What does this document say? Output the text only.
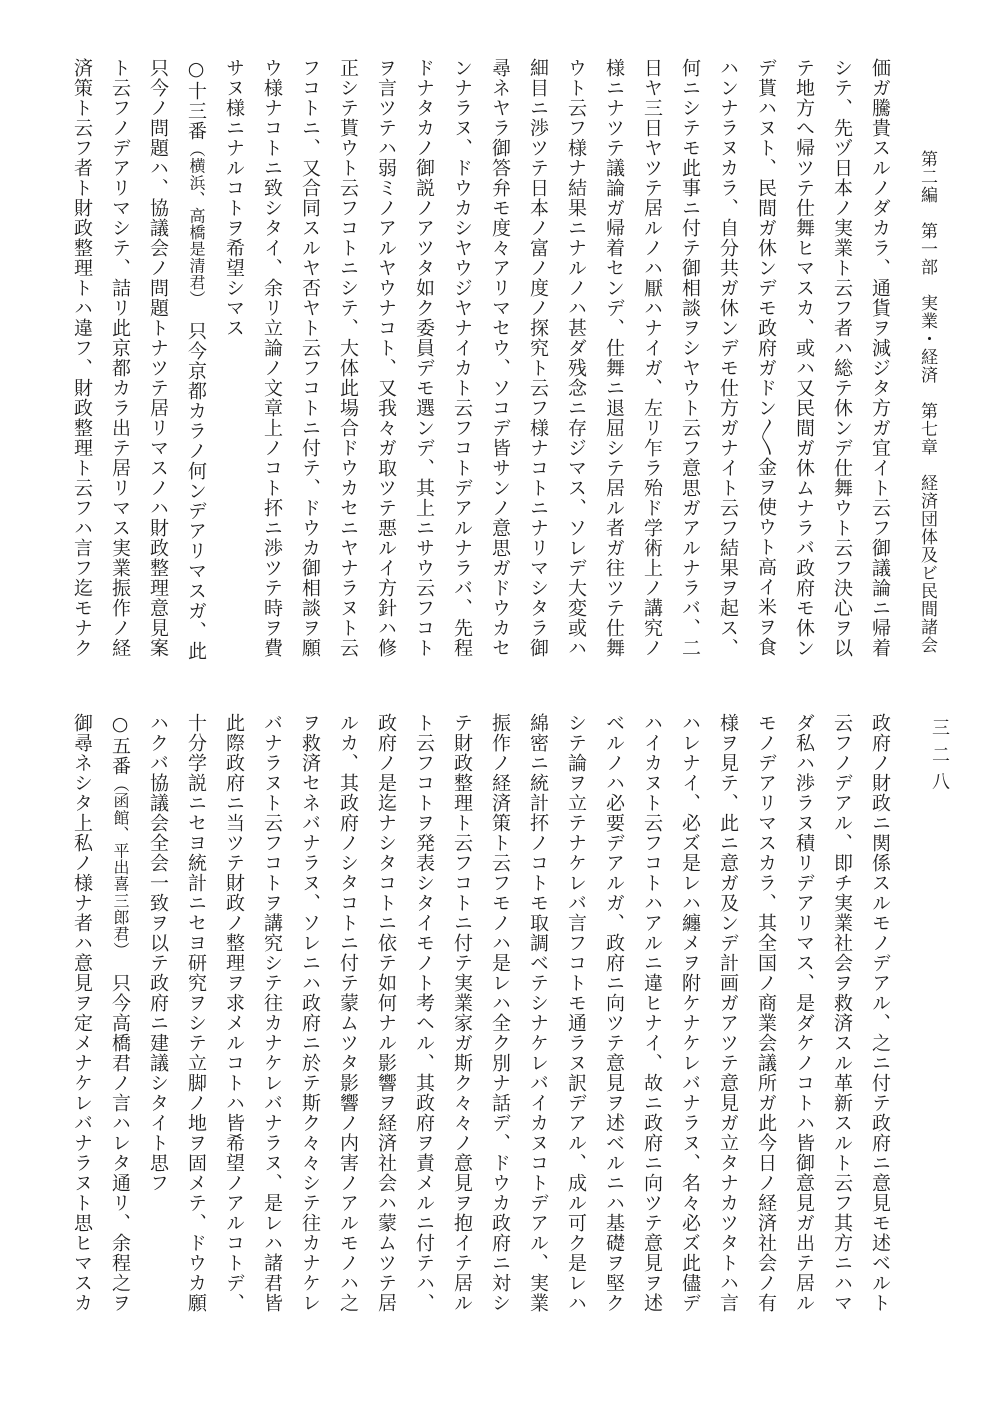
第二編　第一部　実業・経済　第七章　経済団体及ビ民間諸会
三二八

価ガ騰貴スルノダカラ、通貨ヲ減ジタ方ガ宜イト云フ御議論ニ帰着

シテ、先ヅ日本ノ実業ト云フ者ハ総テ休ンデ仕舞ウト云フ決心ヲ以

テ地方へ帰ツテ仕舞ヒマスカ、或ハ又民間ガ休ムナラバ政府モ休ン

デ貰ハヌト、民間ガ休ンデモ政府ガドン〳〵金ヲ使ウト高イ米ヲ食

ハンナラヌカラ、自分共ガ休ンデモ仕方ガナイト云フ結果ヲ起ス、

何ニシテモ此事ニ付テ御相談ヲシヤウト云フ意思ガアルナラバ、二

日ヤ三日ヤツテ居ルノハ厭ハナイガ、左リ乍ラ殆ド学術上ノ講究ノ

様ニナツテ議論ガ帰着センデ、仕舞ニ退屈シテ居ル者ガ往ツテ仕舞

ウト云フ様ナ結果ニナルノハ甚ダ残念ニ存ジマス、ソレデ大変或ハ

細目ニ渉ツテ日本ノ富ノ度ノ探究ト云フ様ナコトニナリマシタラ御

尋ネヤラ御答弁モ度々アリマセウ、ソコデ皆サンノ意思ガドウカセ

ンナラヌ、ドウカシヤウジヤナイカト云フコトデアルナラバ、先程

ドナタカノ御説ノアツタ如ク委員デモ選ンデ、其上ニサウ云フコト

ヲ言ツテハ弱ミノアルヤウナコト、又我々ガ取ツテ悪ルイ方針ハ修

正シテ貰ウト云フコトニシテ、大体此場合ドウカセニヤナラヌト云

フコトニ、又合同スルヤ否ヤト云フコトニ付テ、ドウカ御相談ヲ願

ウ様ナコトニ致シタイ、余リ立論ノ文章上ノコト抔ニ渉ツテ時ヲ費

サヌ様ニナルコトヲ希望シマス

○十三番（横浜、高橋是清君）只今京都カラノ何ンデアリマスガ、此

只今ノ問題ハ、協議会ノ問題トナツテ居リマスノハ財政整理意見案

ト云フノデアリマシテ、詰リ此京都カラ出テ居リマス実業振作ノ経

済策ト云フ者ト財政整理トハ違フ、財政整理ト云フハ言フ迄モナク

政府ノ財政ニ関係スルモノデアル、之ニ付テ政府ニ意見モ述ベルト

云フノデアル、即チ実業社会ヲ救済スル革新スルト云フ其方ニハマ

ダ私ハ渉ラヌ積リデアリマス、是ダケノコトハ皆御意見ガ出テ居ル

モノデアリマスカラ、其全国ノ商業会議所ガ此今日ノ経済社会ノ有

様ヲ見テ、此ニ意ガ及ンデ計画ガアツテ意見ガ立タナカツタトハ言

ハレナイ、必ズ是レハ纏メヲ附ケナケレバナラヌ、名々必ズ此儘デ

ハイカヌト云フコトハアルニ違ヒナイ、故ニ政府ニ向ツテ意見ヲ述

ベルノハ必要デアルガ、政府ニ向ツテ意見ヲ述ベルニハ基礎ヲ堅ク

シテ論ヲ立テナケレバ言フコトモ通ラヌ訳デアル、成ル可ク是レハ

綿密ニ統計抔ノコトモ取調ベテシナケレバイカヌコトデアル、実業

振作ノ経済策ト云フモノハ是レハ全ク別ナ話デ、ドウカ政府ニ対シ

テ財政整理ト云フコトニ付テ実業家ガ斯ク々々ノ意見ヲ抱イテ居ル

ト云フコトヲ発表シタイモノト考ヘル、其政府ヲ責メルニ付テハ、

政府ノ是迄ナシタコトニ依テ如何ナル影響ヲ経済社会ハ蒙ムツテ居

ルカ、其政府ノシタコトニ付テ蒙ムツタ影響ノ内害ノアルモノハ之

ヲ救済セネバナラヌ、ソレニハ政府ニ於テ斯ク々々シテ往カナケレ

バナラヌト云フコトヲ講究シテ往カナケレバナラヌ、是レハ諸君皆

此際政府ニ当ツテ財政ノ整理ヲ求メルコトハ皆希望ノアルコトデ、

十分学説ニセヨ統計ニセヨ研究ヲシテ立脚ノ地ヲ固メテ、ドウカ願

ハクバ協議会全会一致ヲ以テ政府ニ建議シタイト思フ

○五番（函館、平出喜三郎君）只今高橋君ノ言ハレタ通リ、余程之ヲ

御尋ネシタ上私ノ様ナ者ハ意見ヲ定メナケレバナラヌト思ヒマスカ
